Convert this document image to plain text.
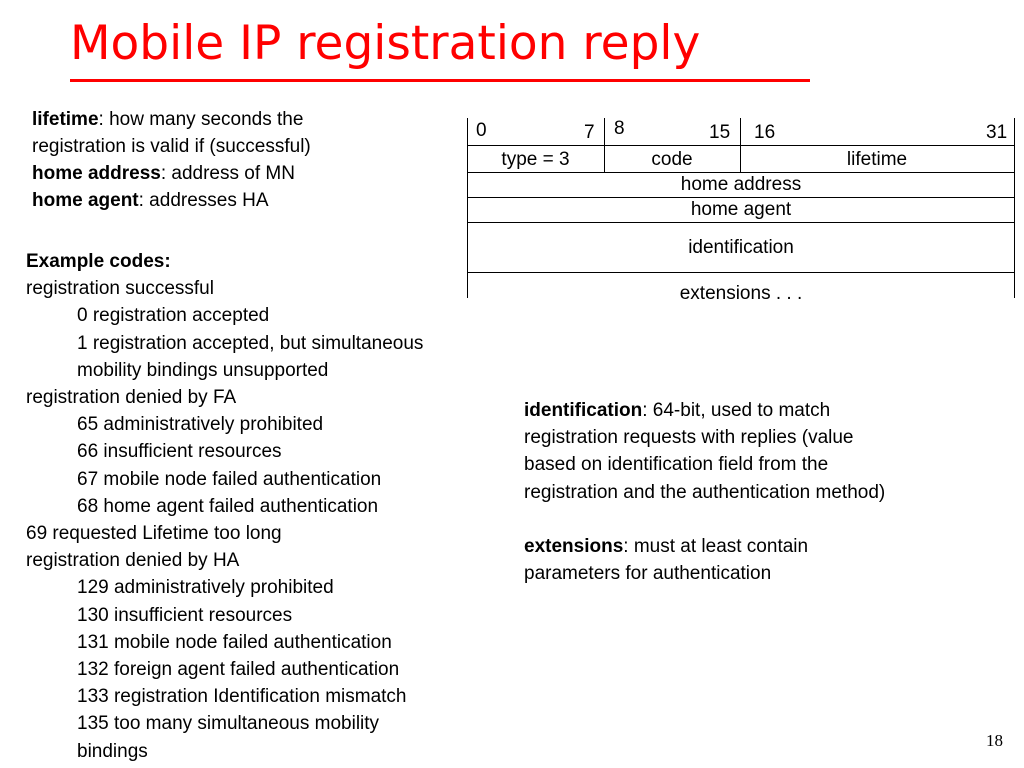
Mobile IP registration reply
lifetime: how many seconds the
registration is valid if (successful)
home address: address of MN
home agent: addresses HA
0	7 8	15 16	31
type = 3	code	lifetime
home address
home agent
identification
extensions . . .
Example codes:
registration successful
0 registration accepted
1 registration accepted, but simultaneous
mobility bindings unsupported
registration denied by FA
65 administratively prohibited
66 insufficient resources
67 mobile node failed authentication
68 home agent failed authentication
69 requested Lifetime too long
registration denied by HA
129 administratively prohibited
130 insufficient resources
131 mobile node failed authentication
132 foreign agent failed authentication
133 registration Identification mismatch
135 too many simultaneous mobility
bindings
identification: 64-bit, used to match
registration requests with replies (value
based on identification field from the
registration and the authentication method)
extensions: must at least contain
parameters for authentication
18
